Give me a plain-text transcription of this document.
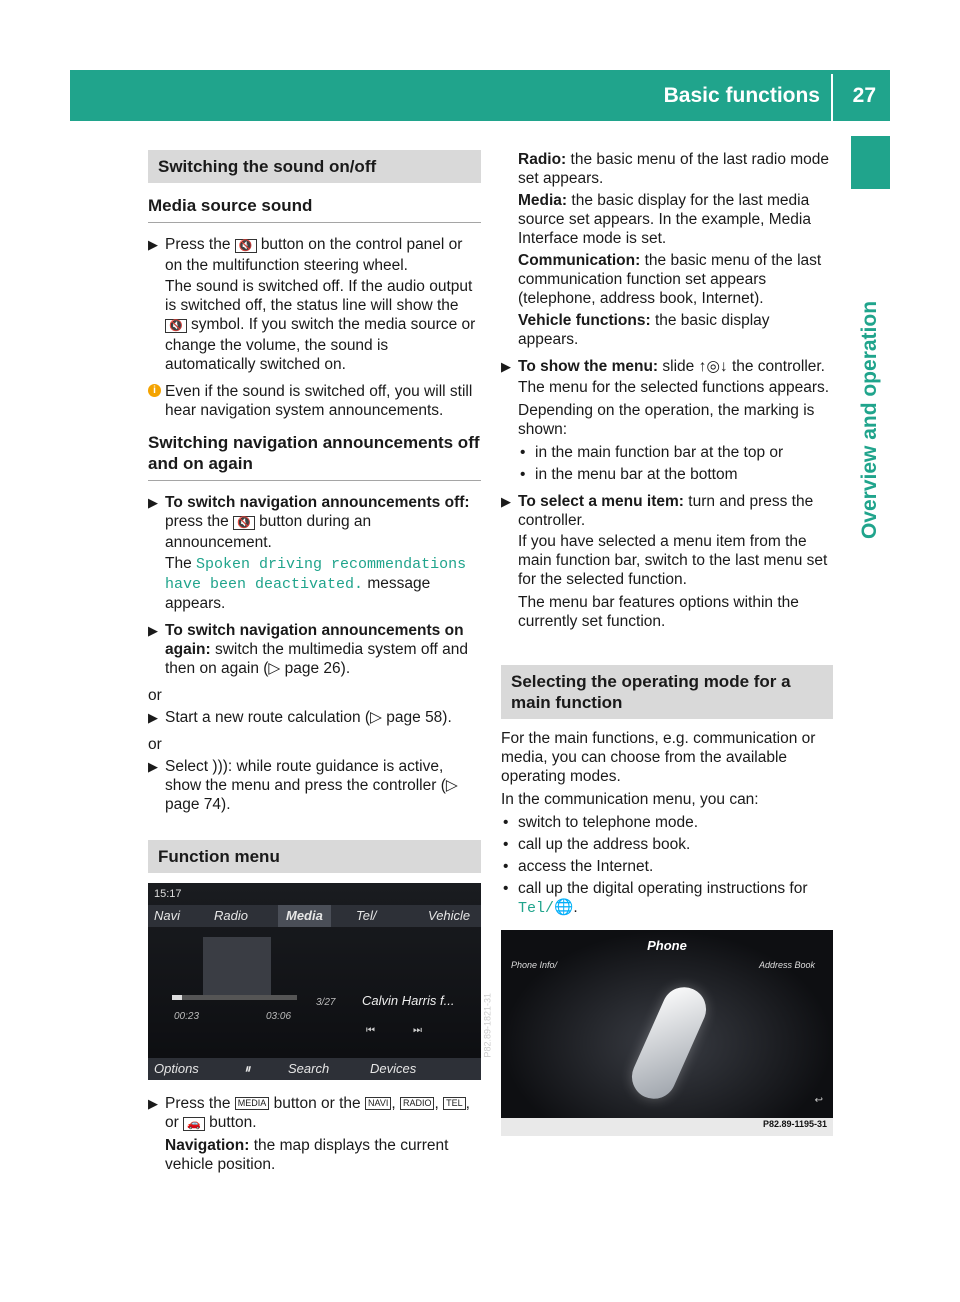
Basic functions 27
Overview and operation
Switching the sound on/off
Media source sound
▶ Press the 🔇 button on the control panel or on the multifunction steering wheel.
The sound is switched off. If the audio output is switched off, the status line will show the 🔇 symbol. If you switch the media source or change the volume, the sound is automatically switched on.
i Even if the sound is switched off, you will still hear navigation system announcements.
Switching navigation announcements off and on again
▶ To switch navigation announcements off: press the 🔇 button during an announcement.
The Spoken driving recommendations have been deactivated. message appears.
▶ To switch navigation announcements on again: switch the multimedia system off and then on again (▷ page 26).
or
▶ Start a new route calculation (▷ page 58).
or
▶ Select ))): while route guidance is active, show the menu and press the controller (▷ page 74).
Function menu
15:17
Navi	Radio	Media	Tel/	Vehicle
3/27 Calvin Harris f...
00:23	03:06
⏮	⏭
Options	⏸	Search	Devices
P82.89-1821-31
▶ Press the MEDIA button or the NAVI , RADIO , TEL , or 🚗 button.
Navigation: the map displays the current vehicle position.
Radio: the basic menu of the last radio mode set appears.
Media: the basic display for the last media source set appears. In the example, Media Interface mode is set.
Communication: the basic menu of the last communication function set appears (telephone, address book, Internet).
Vehicle functions: the basic display appears.
▶ To show the menu: slide ↑◎↓ the controller.
The menu for the selected functions appears.
Depending on the operation, the marking is shown:
• in the main function bar at the top or
• in the menu bar at the bottom
▶ To select a menu item: turn and press the controller.
If you have selected a menu item from the main function bar, switch to the last menu set for the selected function.
The menu bar features options within the currently set function.
Selecting the operating mode for a main function
For the main functions, e.g. communication or media, you can choose from the available operating modes.
In the communication menu, you can:
• switch to telephone mode.
• call up the address book.
• access the Internet.
• call up the digital operating instructions for Tel/🌐.
Phone
Phone Info/	Address Book
↩
P82.89-1195-31
